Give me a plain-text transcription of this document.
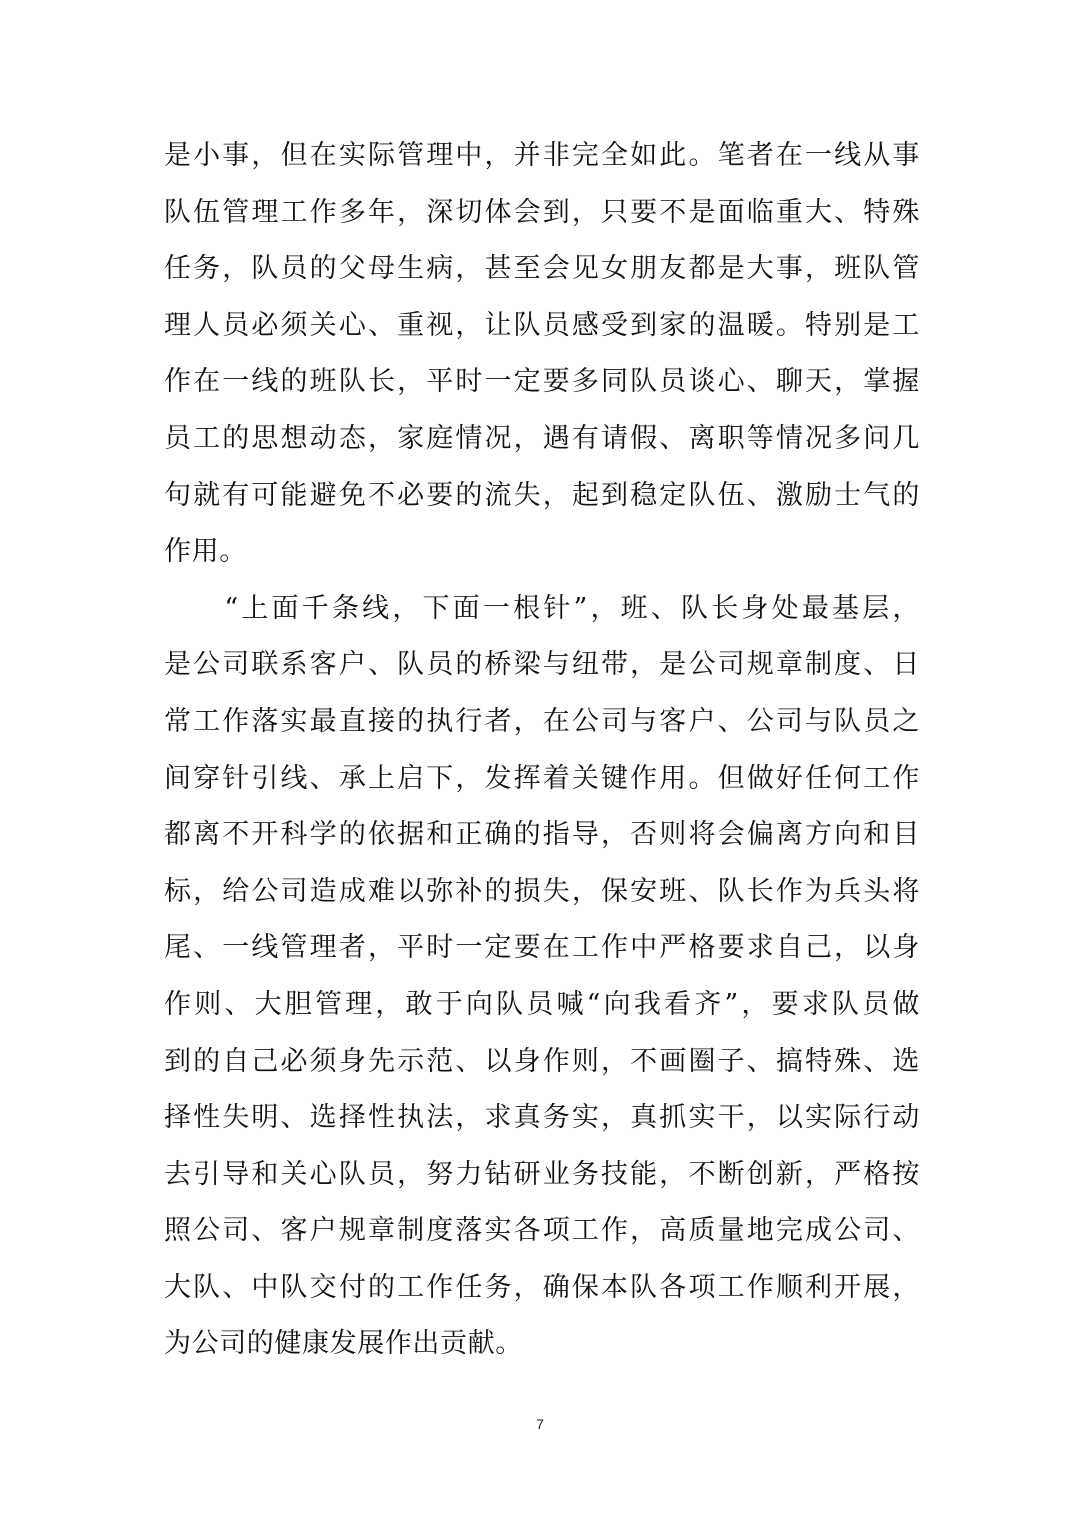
是小事，但在实际管理中，并非完全如此。笔者在一线从事
队伍管理工作多年，深切体会到，只要不是面临重大、特殊
任务，队员的父母生病，甚至会见女朋友都是大事，班队管
理人员必须关心、重视，让队员感受到家的温暖。特别是工
作在一线的班队长，平时一定要多同队员谈心、聊天，掌握
员工的思想动态，家庭情况，遇有请假、离职等情况多问几
句就有可能避免不必要的流失，起到稳定队伍、激励士气的
作用。
　　“上面千条线，下面一根针”，班、队长身处最基层，
是公司联系客户、队员的桥梁与纽带，是公司规章制度、日
常工作落实最直接的执行者，在公司与客户、公司与队员之
间穿针引线、承上启下，发挥着关键作用。但做好任何工作
都离不开科学的依据和正确的指导，否则将会偏离方向和目
标，给公司造成难以弥补的损失，保安班、队长作为兵头将
尾、一线管理者，平时一定要在工作中严格要求自己，以身
作则、大胆管理，敢于向队员喊“向我看齐”，要求队员做
到的自己必须身先示范、以身作则，不画圈子、搞特殊、选
择性失明、选择性执法，求真务实，真抓实干，以实际行动
去引导和关心队员，努力钻研业务技能，不断创新，严格按
照公司、客户规章制度落实各项工作，高质量地完成公司、
大队、中队交付的工作任务，确保本队各项工作顺利开展，
为公司的健康发展作出贡献。
7
